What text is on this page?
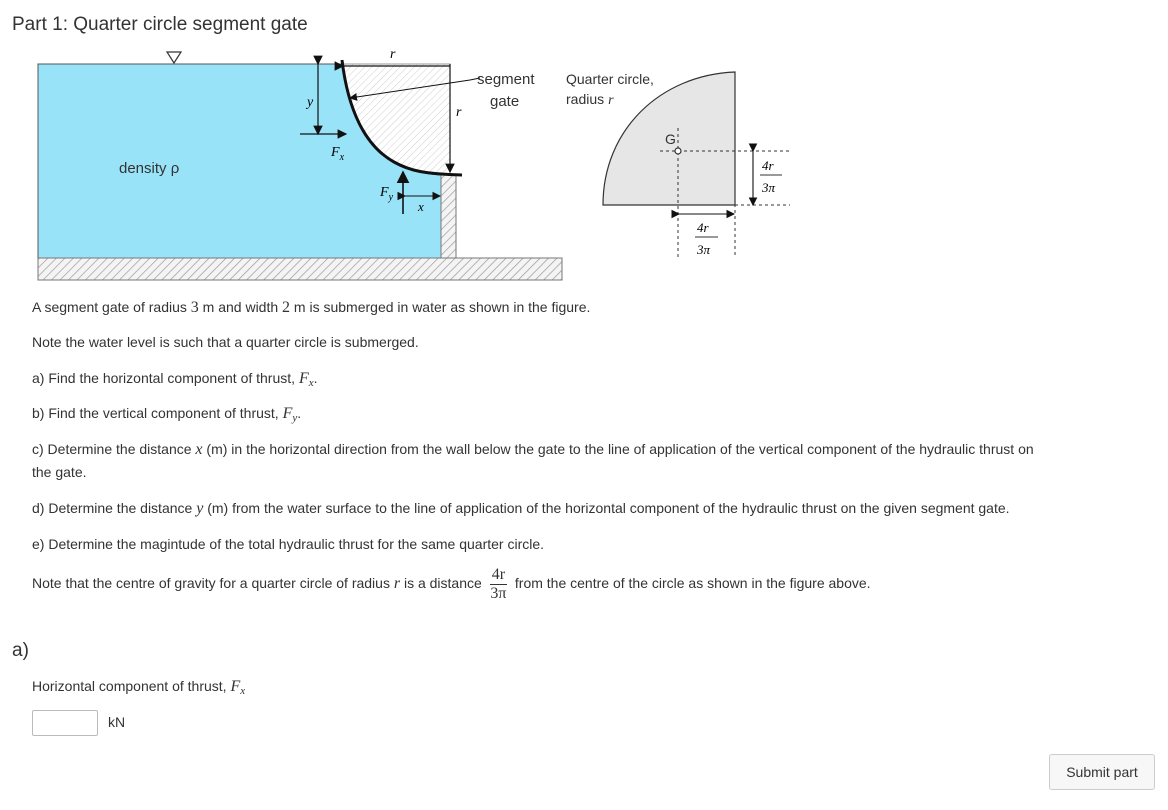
Part 1: Quarter circle segment gate
r
y
r
$F_x$
$F_y$
x
density ρ
segment
gate
Quarter circle,
radius r
G
4r
3π
4r
3π
A segment gate of radius 3 m and width 2 m is submerged in water as shown in the figure.
Note the water level is such that a quarter circle is submerged.
a) Find the horizontal component of thrust, $F_x$.
b) Find the vertical component of thrust, $F_y$.
c) Determine the distance x (m) in the horizontal direction from the wall below the gate to the line of application of the vertical component of the hydraulic thrust on
the gate.
d) Determine the distance y (m) from the water surface to the line of application of the horizontal component of the hydraulic thrust on the given segment gate.
e) Determine the magintude of the total hydraulic thrust for the same quarter circle.
Note that the centre of gravity for a quarter circle of radius r is a distance $\frac{4r}{3\pi}$ from the centre of the circle as shown in the figure above.
a)
Horizontal component of thrust, $F_x$
kN
Submit part
